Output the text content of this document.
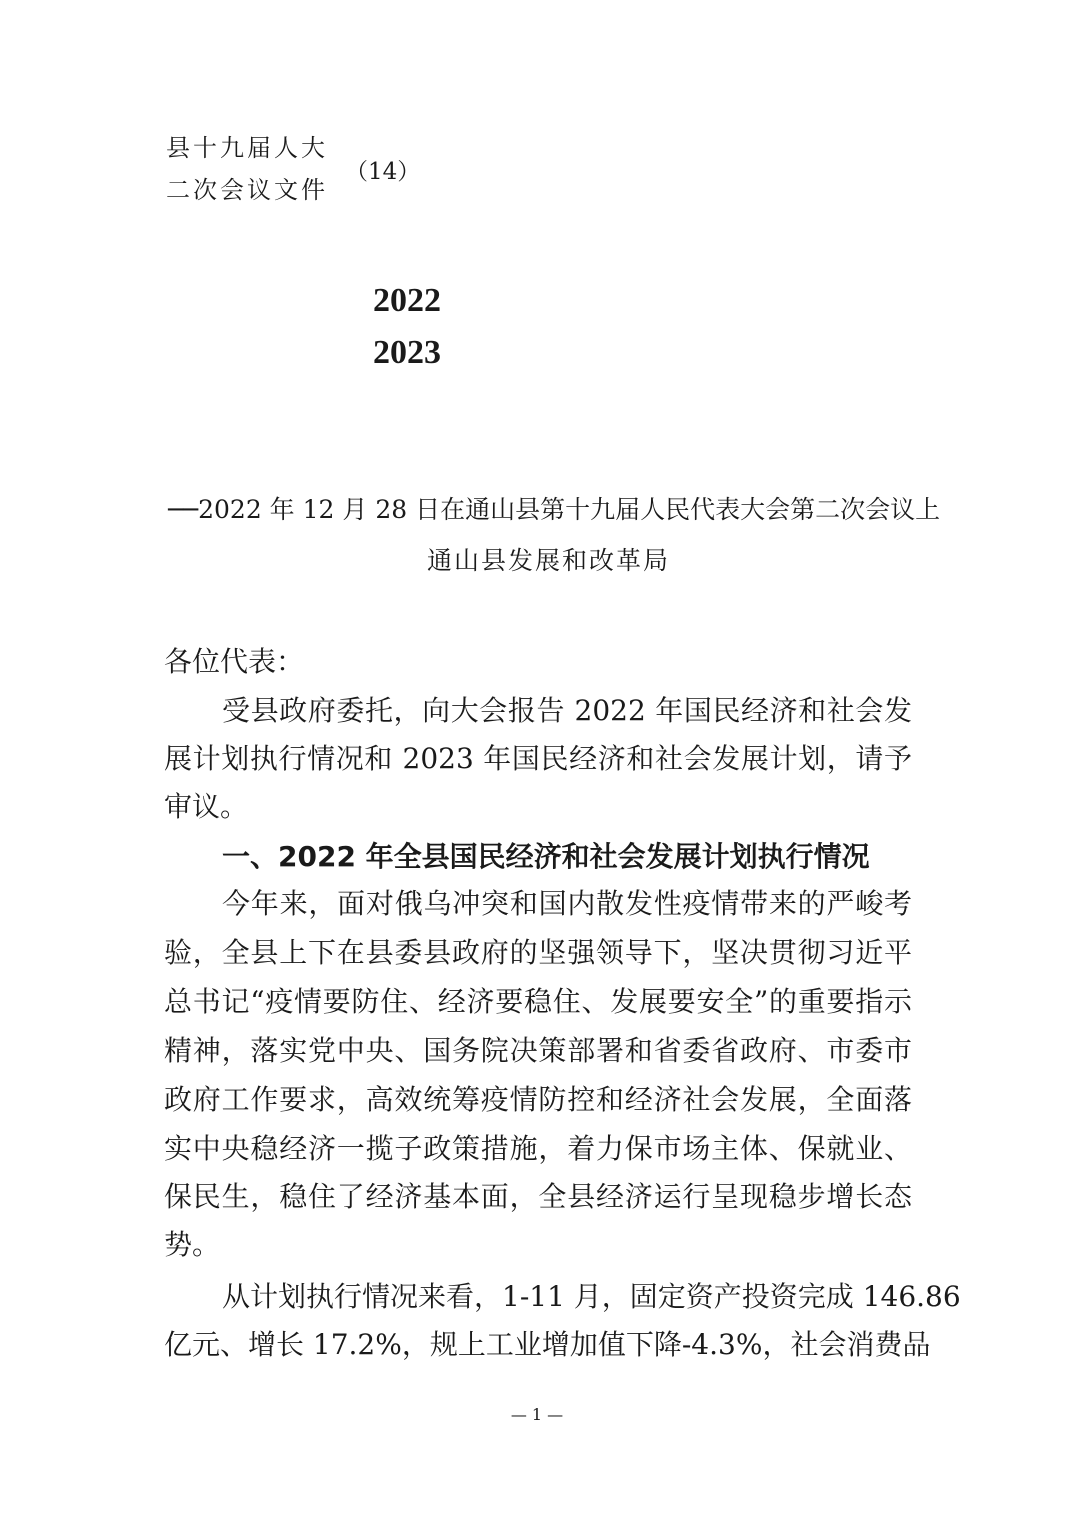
县十九届人大
二次会议文件
（14）
2022
2023
──2022 年 12 月 28 日在通山县第十九届人民代表大会第二次会议上
通山县发展和改革局
各位代表：
受县政府委托，向大会报告 2022 年国民经济和社会发
展计划执行情况和 2023 年国民经济和社会发展计划，请予
审议。
一、2022 年全县国民经济和社会发展计划执行情况
今年来，面对俄乌冲突和国内散发性疫情带来的严峻考
验，全县上下在县委县政府的坚强领导下，坚决贯彻习近平
总书记“疫情要防住、经济要稳住、发展要安全”的重要指示
精神，落实党中央、国务院决策部署和省委省政府、市委市
政府工作要求，高效统筹疫情防控和经济社会发展，全面落
实中央稳经济一揽子政策措施，着力保市场主体、保就业、
保民生，稳住了经济基本面，全县经济运行呈现稳步增长态
势。
从计划执行情况来看，1-11 月，固定资产投资完成 146.86
亿元、增长 17.2%，规上工业增加值下降-4.3%，社会消费品
— 1 —
